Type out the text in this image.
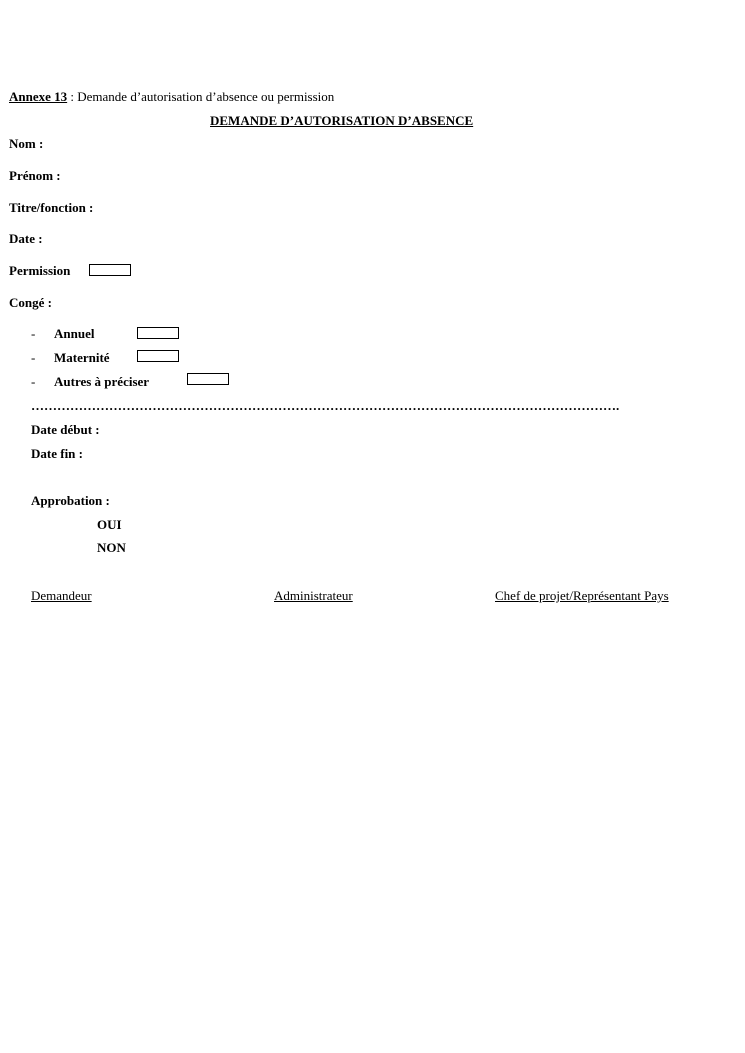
Annexe 13 : Demande d’autorisation d’absence ou permission
DEMANDE D’AUTORISATION D’ABSENCE
Nom :
Prénom :
Titre/fonction :
Date :
Permission
Congé :
- Annuel
- Maternité
- Autres à préciser
……………………………………………………………………………………………………………………….
Date début :
Date fin :
Approbation :
OUI
NON
Demandeur	Administrateur	Chef de projet/Représentant Pays
